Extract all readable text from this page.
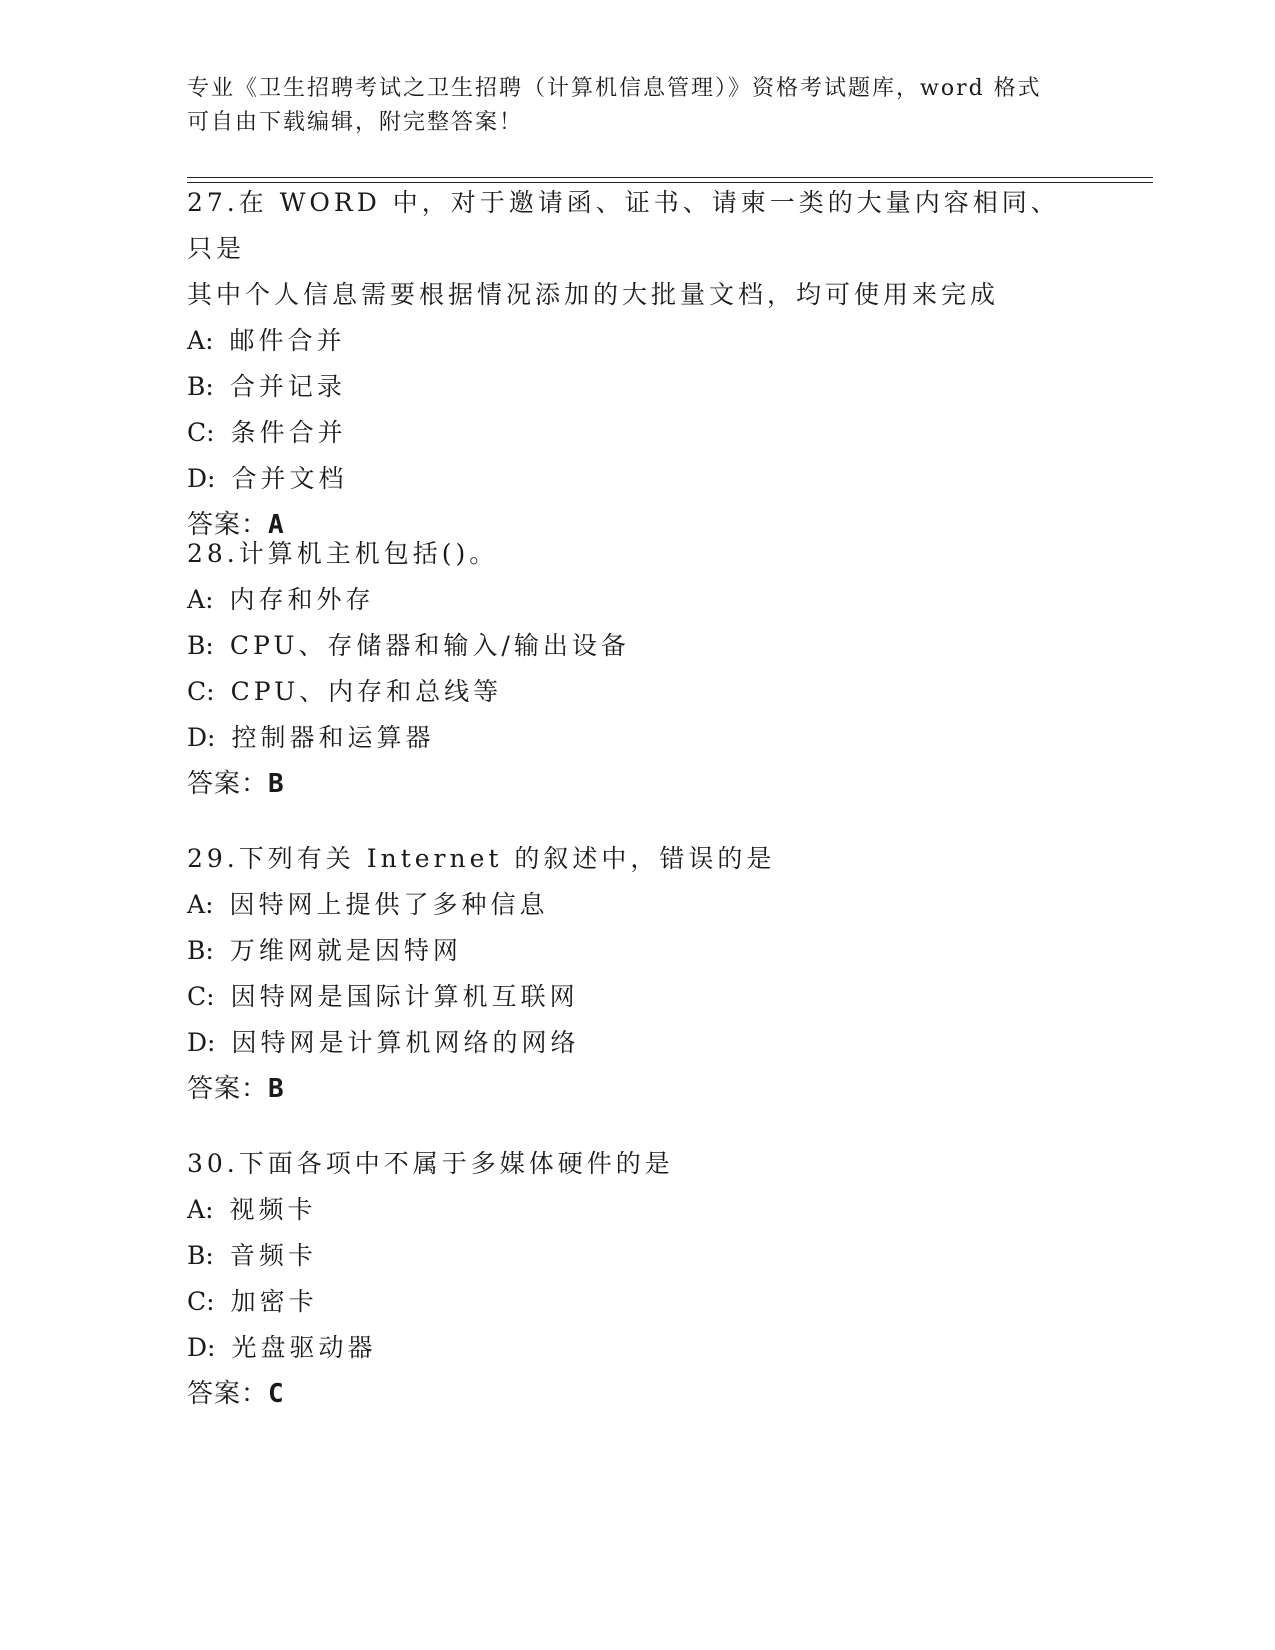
专业《卫生招聘考试之卫生招聘（计算机信息管理）》资格考试题库，word 格式
可自由下载编辑，附完整答案！

27.在 WORD 中，对于邀请函、证书、请柬一类的大量内容相同、只是

其中个人信息需要根据情况添加的大批量文档，均可使用来完成

A: 邮件合并

B: 合并记录

C: 条件合并

D: 合并文档

答案：A

28.计算机主机包括()。

A: 内存和外存

B: CPU、存储器和输入/输出设备

C: CPU、内存和总线等

D: 控制器和运算器

答案：B

29.下列有关 Internet 的叙述中，错误的是

A: 因特网上提供了多种信息

B: 万维网就是因特网

C: 因特网是国际计算机互联网

D: 因特网是计算机网络的网络

答案：B

30.下面各项中不属于多媒体硬件的是

A: 视频卡

B: 音频卡

C: 加密卡

D: 光盘驱动器

答案：C
